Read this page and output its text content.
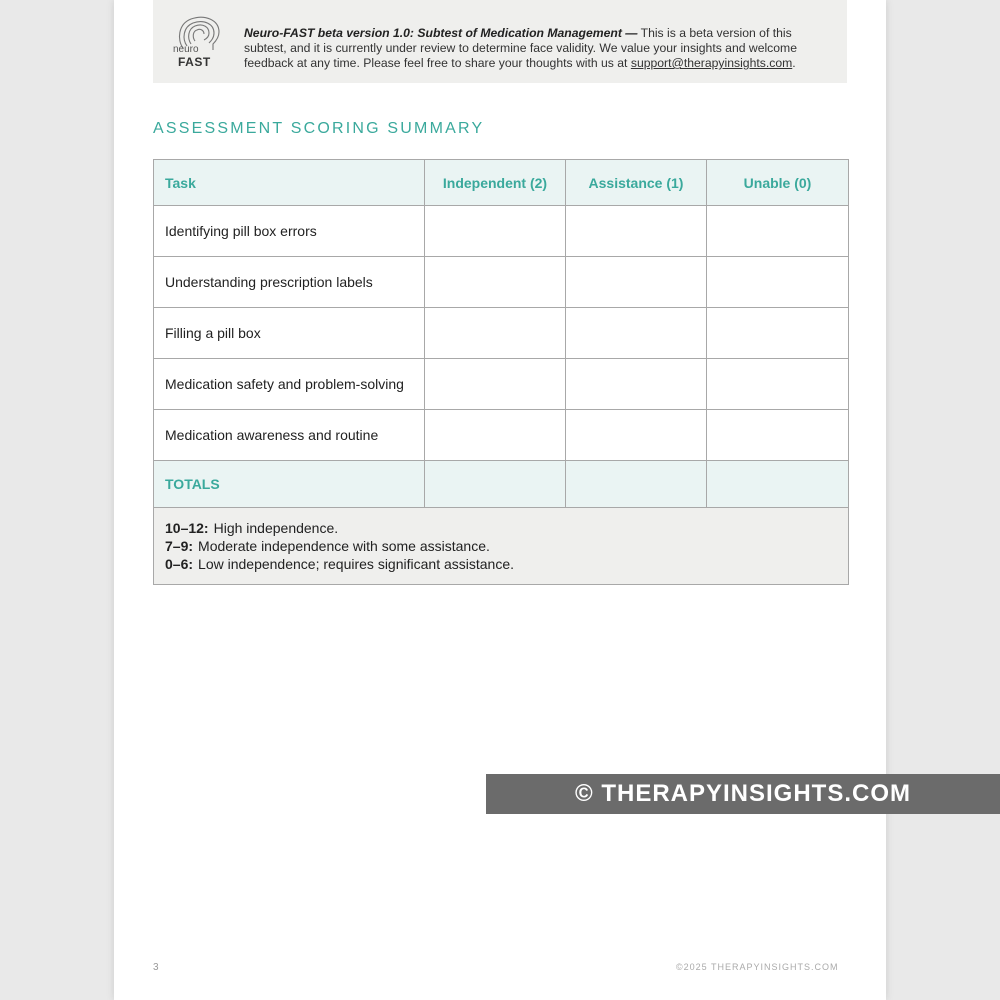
neuro
FAST
Neuro-FAST beta version 1.0: Subtest of Medication Management — This is a beta version of this subtest, and it is currently under review to determine face validity. We value your insights and welcome feedback at any time. Please feel free to share your thoughts with us at support@therapyinsights.com.
ASSESSMENT SCORING SUMMARY
Task	Independent (2)	Assistance (1)	Unable (0)
Identifying pill box errors			
Understanding prescription labels			
Filling a pill box			
Medication safety and problem-solving			
Medication awareness and routine			
TOTALS			

10–12: High independence.
7–9: Moderate independence with some assistance.
0–6: Low independence; requires significant assistance.			
3	©2025 THERAPYINSIGHTS.COM
© THERAPYINSIGHTS.COM
